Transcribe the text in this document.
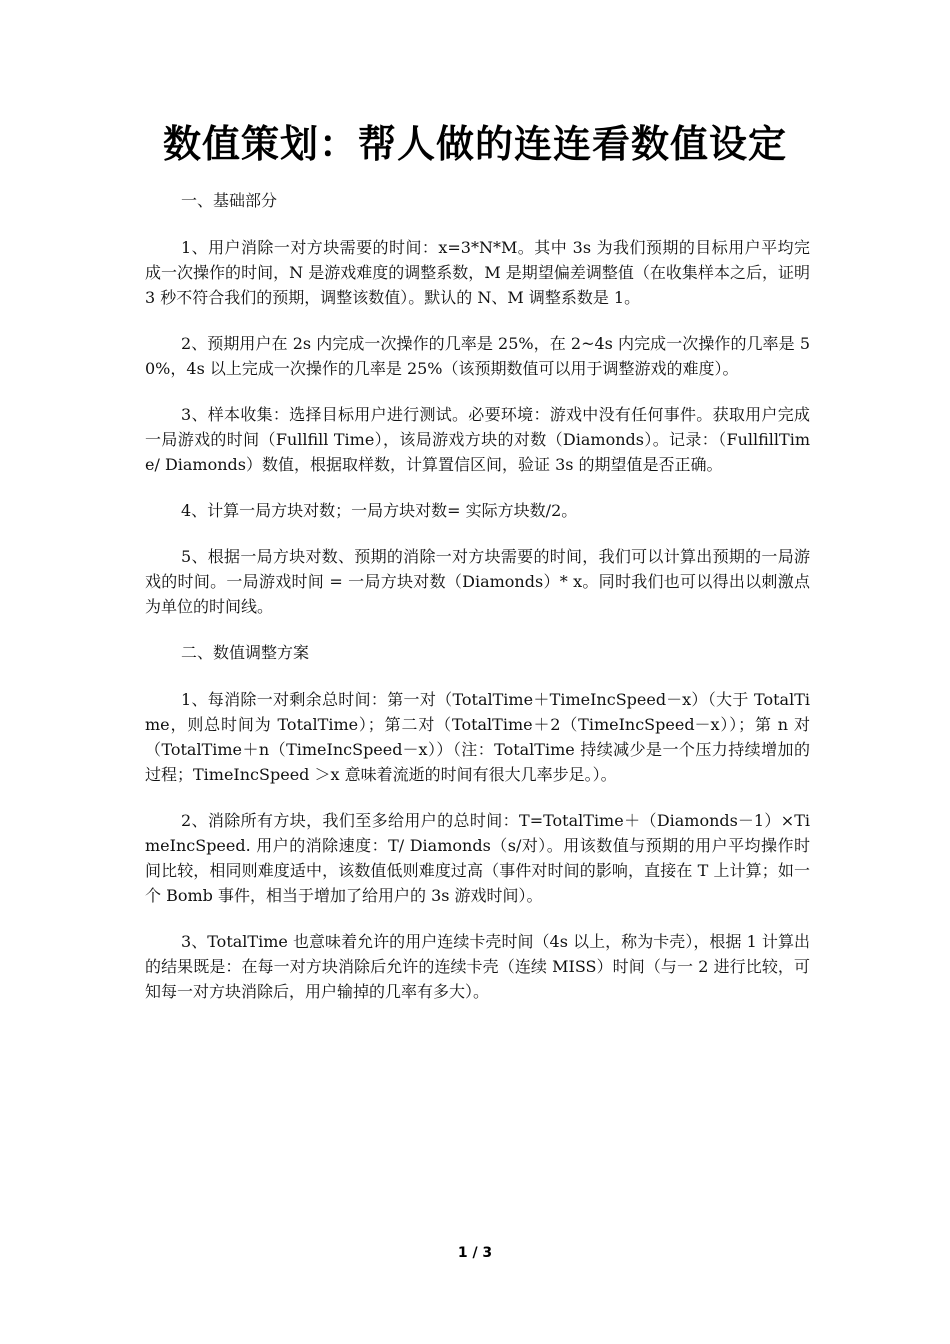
数值策划：帮人做的连连看数值设定

一、基础部分

1、用户消除一对方块需要的时间：x=3*N*M。其中 3s 为我们预期的目标用户平均完成一次操作的时间，N 是游戏难度的调整系数，M 是期望偏差调整值（在收集样本之后，证明 3 秒不符合我们的预期，调整该数值）。默认的 N、M 调整系数是 1。

2、预期用户在 2s 内完成一次操作的几率是 25%，在 2~4s 内完成一次操作的几率是 50%，4s 以上完成一次操作的几率是 25%（该预期数值可以用于调整游戏的难度）。

3、样本收集：选择目标用户进行测试。必要环境：游戏中没有任何事件。获取用户完成一局游戏的时间（Fullfill Time），该局游戏方块的对数（Diamonds）。记录：（FullfillTime/ Diamonds）数值，根据取样数，计算置信区间，验证 3s 的期望值是否正确。

4、计算一局方块对数；一局方块对数= 实际方块数/2。

5、根据一局方块对数、预期的消除一对方块需要的时间，我们可以计算出预期的一局游戏的时间。一局游戏时间 = 一局方块对数（Diamonds）* x。同时我们也可以得出以刺激点为单位的时间线。

二、数值调整方案

1、每消除一对剩余总时间：第一对（TotalTime＋TimeIncSpeed－x）（大于 TotalTime，则总时间为 TotalTime）；第二对（TotalTime＋2（TimeIncSpeed－x））；第 n 对 （TotalTime＋n（TimeIncSpeed－x））（注：TotalTime 持续减少是一个压力持续增加的过程；TimeIncSpeed ＞x 意味着流逝的时间有很大几率步足。）。

2、消除所有方块，我们至多给用户的总时间：T=TotalTime＋（Diamonds－1）×TimeIncSpeed. 用户的消除速度：T/ Diamonds（s/对）。用该数值与预期的用户平均操作时间比较，相同则难度适中，该数值低则难度过高（事件对时间的影响，直接在 T 上计算；如一个 Bomb 事件，相当于增加了给用户的 3s 游戏时间）。

3、TotalTime 也意味着允许的用户连续卡壳时间（4s 以上，称为卡壳），根据 1 计算出的结果既是：在每一对方块消除后允许的连续卡壳（连续 MISS）时间（与一 2 进行比较，可知每一对方块消除后，用户输掉的几率有多大）。

1 / 3
